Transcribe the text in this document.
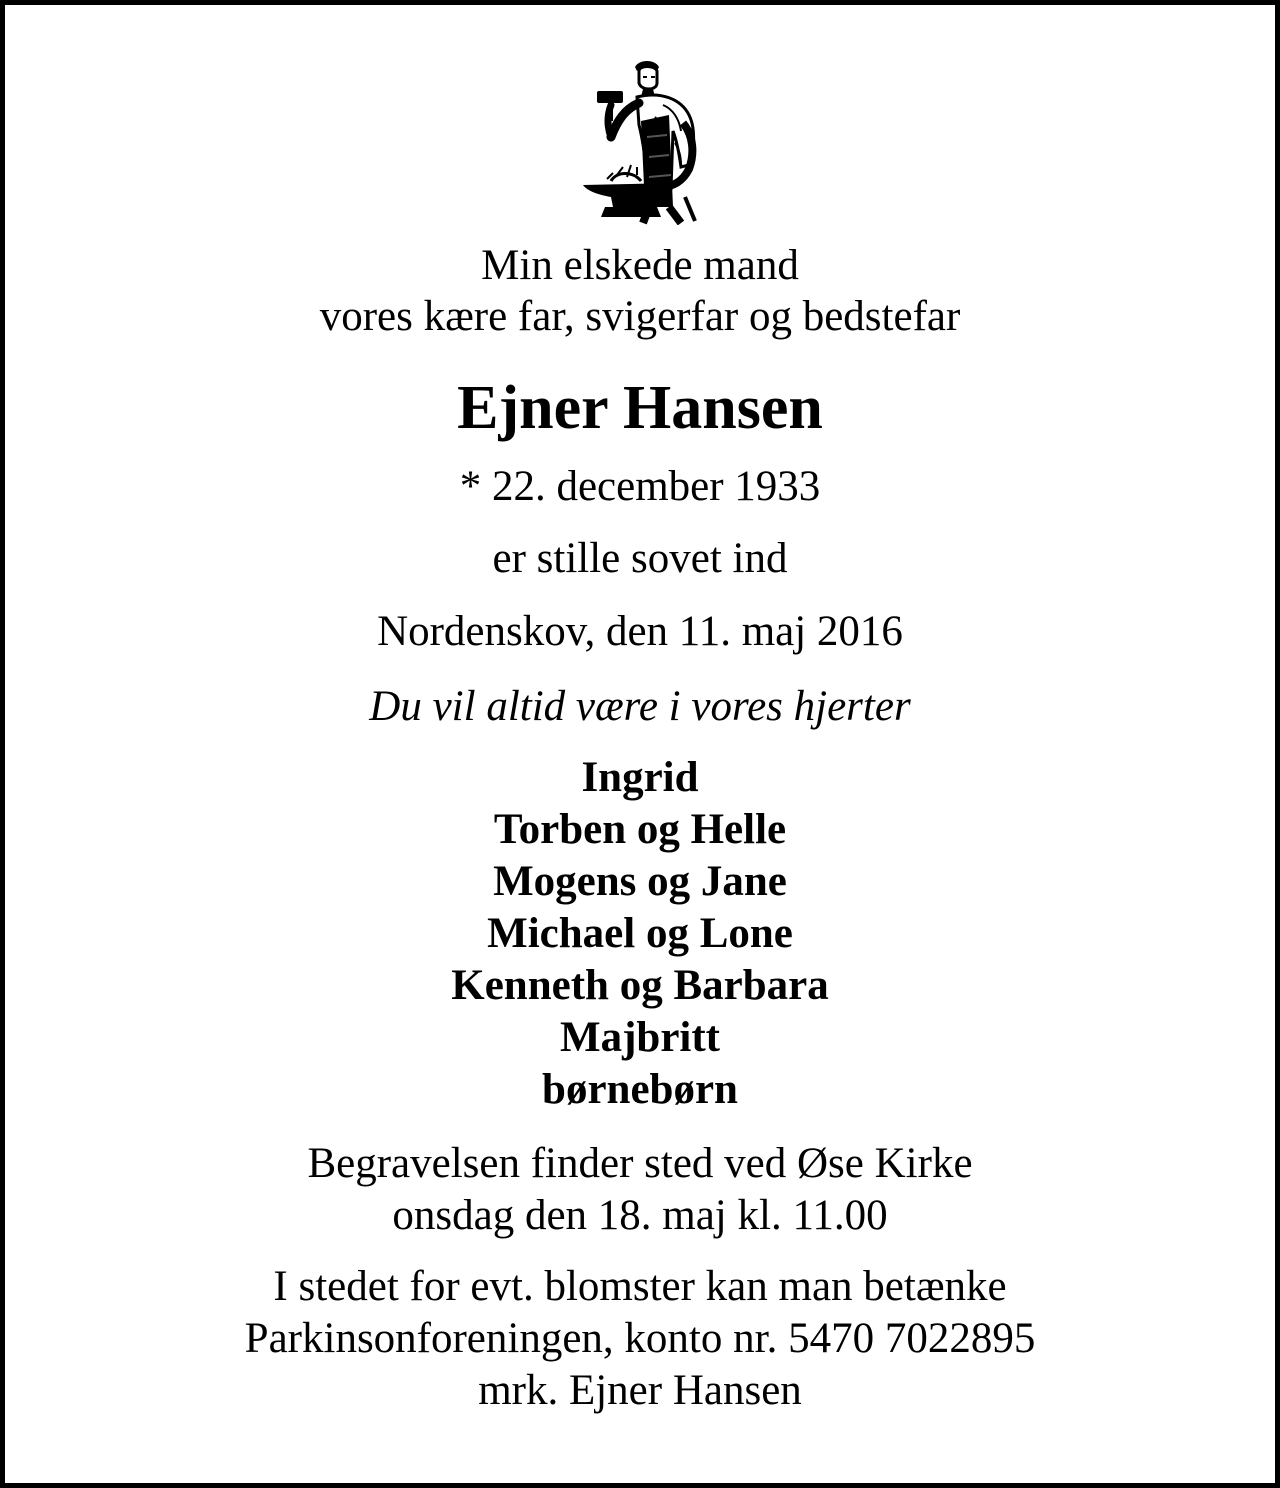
Min elskede mand
vores kære far, svigerfar og bedstefar
Ejner Hansen
* 22. december 1933
er stille sovet ind
Nordenskov, den 11. maj 2016
Du vil altid være i vores hjerter
Ingrid
Torben og Helle
Mogens og Jane
Michael og Lone
Kenneth og Barbara
Majbritt
børnebørn
Begravelsen finder sted ved Øse Kirke
onsdag den 18. maj kl. 11.00
I stedet for evt. blomster kan man betænke
Parkinsonforeningen, konto nr. 5470 7022895
mrk. Ejner Hansen
